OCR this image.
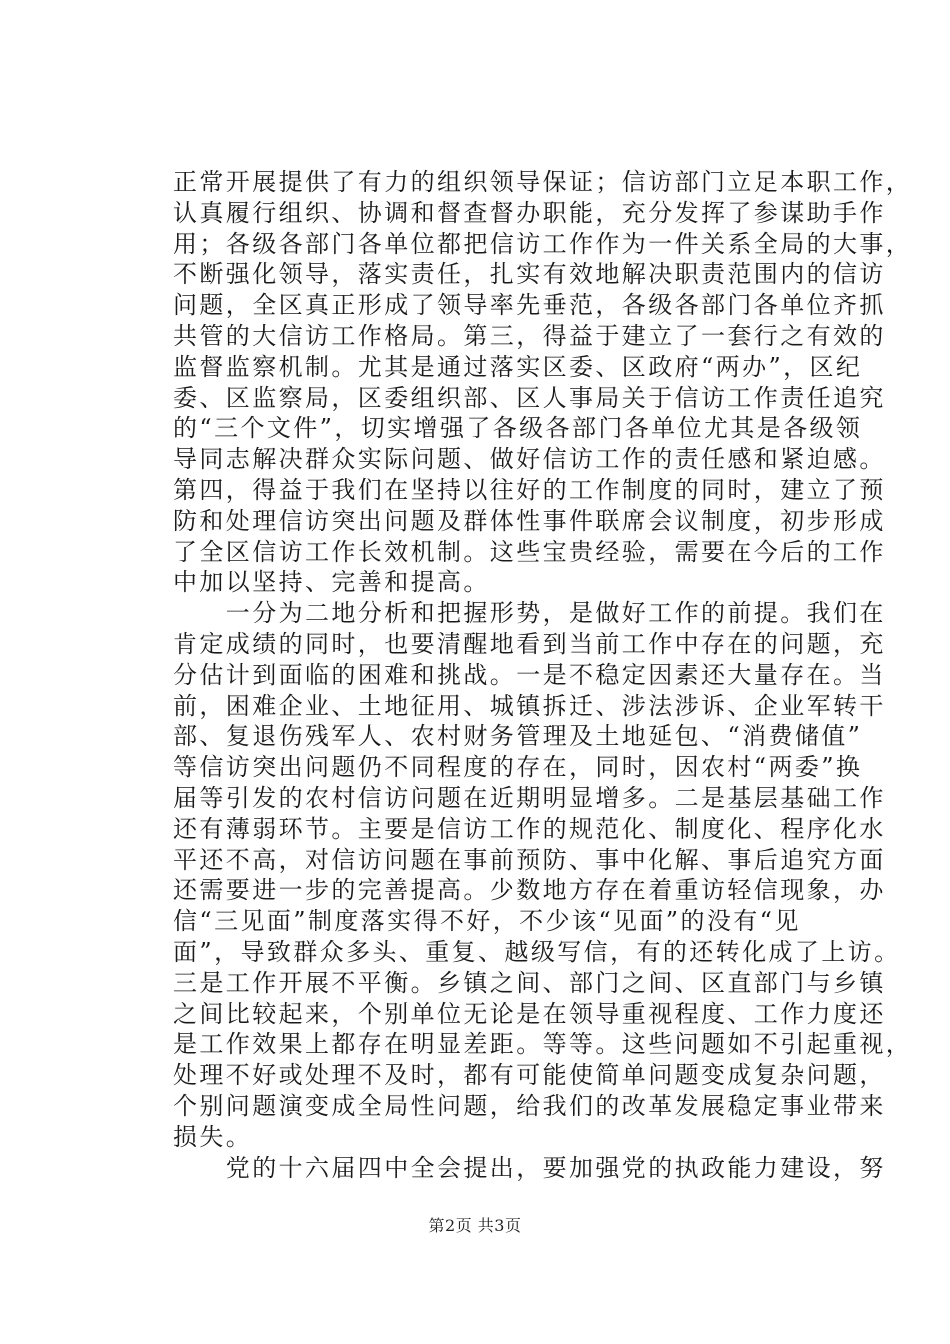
正常开展提供了有力的组织领导保证；信访部门立足本职工作，
认真履行组织、协调和督查督办职能，充分发挥了参谋助手作
用；各级各部门各单位都把信访工作作为一件关系全局的大事，
不断强化领导，落实责任，扎实有效地解决职责范围内的信访
问题，全区真正形成了领导率先垂范，各级各部门各单位齐抓
共管的大信访工作格局。第三，得益于建立了一套行之有效的
监督监察机制。尤其是通过落实区委、区政府“两办”，区纪
委、区监察局，区委组织部、区人事局关于信访工作责任追究
的“三个文件”，切实增强了各级各部门各单位尤其是各级领
导同志解决群众实际问题、做好信访工作的责任感和紧迫感。
第四，得益于我们在坚持以往好的工作制度的同时，建立了预
防和处理信访突出问题及群体性事件联席会议制度，初步形成
了全区信访工作长效机制。这些宝贵经验，需要在今后的工作
中加以坚持、完善和提高。
　　一分为二地分析和把握形势，是做好工作的前提。我们在
肯定成绩的同时，也要清醒地看到当前工作中存在的问题，充
分估计到面临的困难和挑战。一是不稳定因素还大量存在。当
前，困难企业、土地征用、城镇拆迁、涉法涉诉、企业军转干
部、复退伤残军人、农村财务管理及土地延包、“消费储值”
等信访突出问题仍不同程度的存在，同时，因农村“两委”换
届等引发的农村信访问题在近期明显增多。二是基层基础工作
还有薄弱环节。主要是信访工作的规范化、制度化、程序化水
平还不高，对信访问题在事前预防、事中化解、事后追究方面
还需要进一步的完善提高。少数地方存在着重访轻信现象，办
信“三见面”制度落实得不好，不少该“见面”的没有“见
面”，导致群众多头、重复、越级写信，有的还转化成了上访。
三是工作开展不平衡。乡镇之间、部门之间、区直部门与乡镇
之间比较起来，个别单位无论是在领导重视程度、工作力度还
是工作效果上都存在明显差距。等等。这些问题如不引起重视，
处理不好或处理不及时，都有可能使简单问题变成复杂问题，
个别问题演变成全局性问题，给我们的改革发展稳定事业带来
损失。
　　党的十六届四中全会提出，要加强党的执政能力建设，努
第2页 共3页
